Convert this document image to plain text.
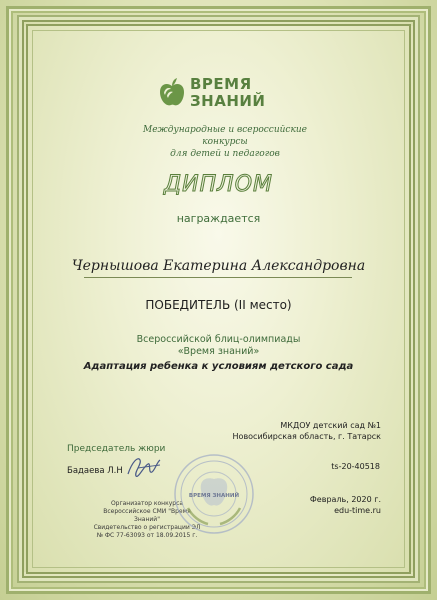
ВРЕМЯ
ЗНАНИЙ
Международные и всероссийские конкурсы
для детей и педагогов
ДИПЛОМ
награждается
Чернышова Екатерина Александровна
ПОБЕДИТЕЛЬ (II место)
Всероссийской блиц-олимпиады
«Время знаний»
Адаптация ребенка к условиям детского сада
МКДОУ детский сад №1
Новосибирская область, г. Татарск
ts-20-40518
Февраль, 2020 г.
edu-time.ru
Председатель жюри
Бадаева Л.Н
Организатор конкурса
Всероссийское СМИ "Время Знаний"
Свидетельство о регистрации ЭЛ
№ ФС 77-63093 от 18.09.2015 г.
ВРЕМЯ ЗНАНИЙ
